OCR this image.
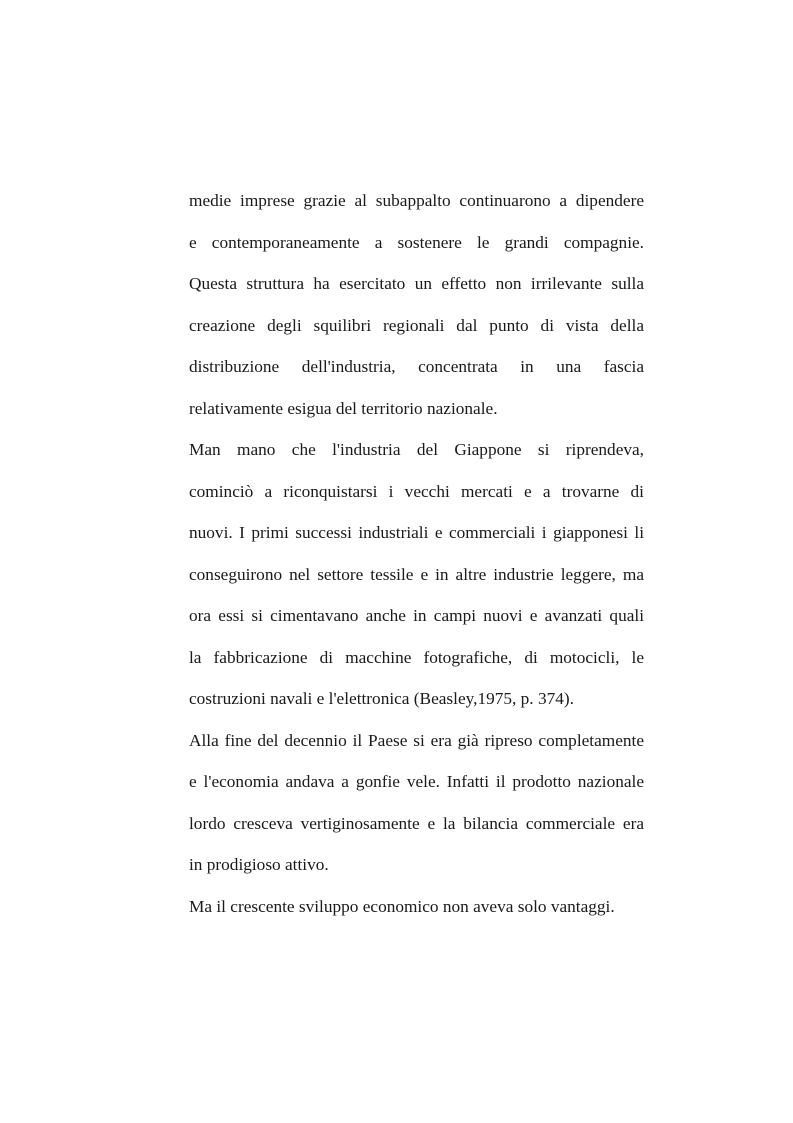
medie imprese grazie al subappalto continuarono a dipendere
e contemporaneamente a sostenere le grandi compagnie.
Questa struttura ha esercitato un effetto non irrilevante sulla
creazione degli squilibri regionali dal punto di vista della
distribuzione dell'industria, concentrata in una fascia
relativamente esigua del territorio nazionale.
Man mano che l'industria del Giappone si riprendeva,
cominciò a riconquistarsi i vecchi mercati e a trovarne di
nuovi. I primi successi industriali e commerciali i giapponesi li
conseguirono nel settore tessile e in altre industrie leggere, ma
ora essi si cimentavano anche in campi nuovi e avanzati quali
la fabbricazione di macchine fotografiche, di motocicli, le
costruzioni navali e l'elettronica (Beasley,1975, p. 374).
Alla fine del decennio il Paese si era già ripreso completamente
e l'economia andava a gonfie vele. Infatti il prodotto nazionale
lordo cresceva vertiginosamente e la bilancia commerciale era
in prodigioso attivo.
Ma il crescente sviluppo economico non aveva solo vantaggi.
